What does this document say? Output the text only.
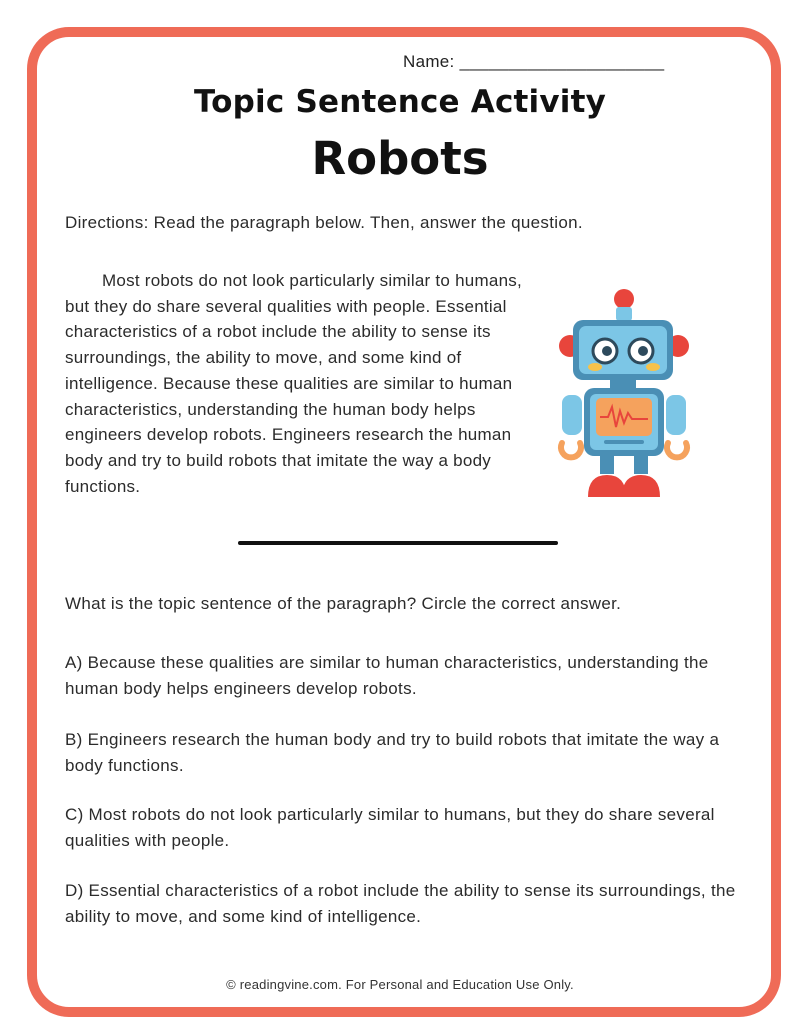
Name: _____________________
Topic Sentence Activity
Robots
Directions: Read the paragraph below. Then, answer the question.
Most robots do not look particularly similar to humans, but they do share several qualities with people. Essential characteristics of a robot include the ability to sense its surroundings, the ability to move, and some kind of intelligence. Because these qualities are similar to human characteristics, understanding the human body helps engineers develop robots. Engineers research the human body and try to build robots that imitate the way a body functions.
What is the topic sentence of the paragraph? Circle the correct answer.
A) Because these qualities are similar to human characteristics, understanding the human body helps engineers develop robots.
B) Engineers research the human body and try to build robots that imitate the way a body functions.
C) Most robots do not look particularly similar to humans, but they do share several qualities with people.
D) Essential characteristics of a robot include the ability to sense its surroundings, the ability to move, and some kind of intelligence.
© readingvine.com. For Personal and Education Use Only.
